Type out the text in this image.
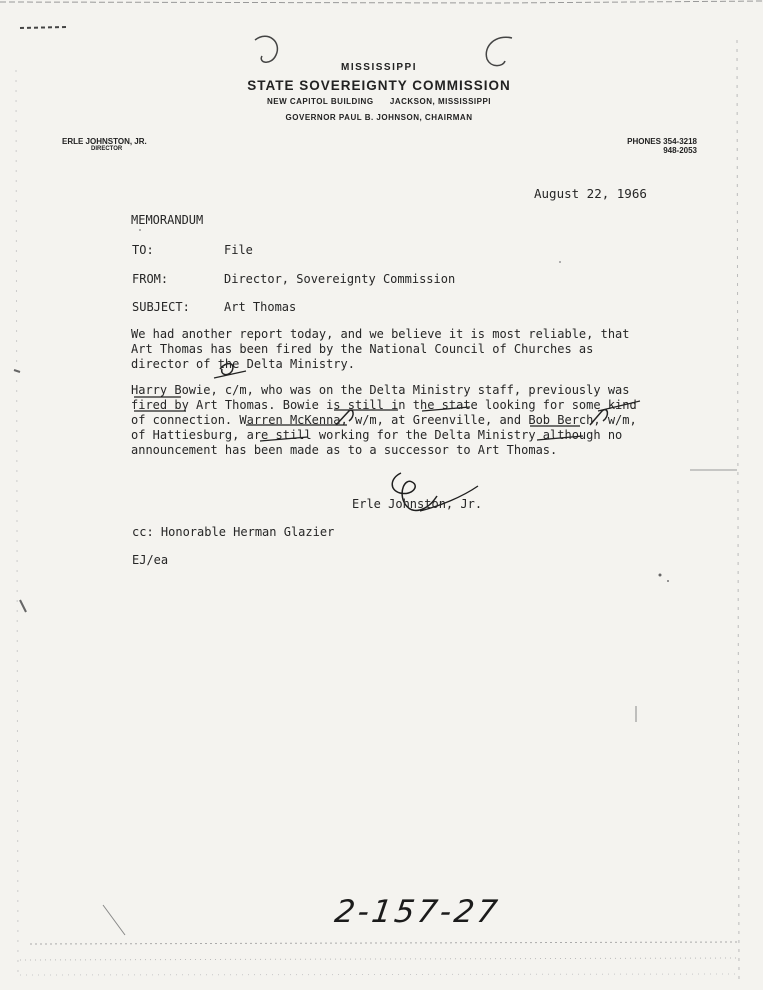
MISSISSIPPI
STATE SOVEREIGNTY COMMISSION
NEW CAPITOL BUILDING JACKSON, MISSISSIPPI
GOVERNOR PAUL B. JOHNSON, CHAIRMAN
ERLE JOHNSTON, JR.
DIRECTOR
PHONES 354-3218
948-2053
August 22, 1966
MEMORANDUM
TO:	File
FROM:	Director, Sovereignty Commission
SUBJECT:	Art Thomas
We had another report today, and we believe it is most reliable, that
Art Thomas has been fired by the National Council of Churches as
director of the Delta Ministry.
Harry Bowie, c/m, who was on the Delta Ministry staff, previously was
fired by Art Thomas. Bowie is still in the state looking for some kind
of connection. Warren McKenna, w/m, at Greenville, and Bob Berch, w/m,
of Hattiesburg, are still working for the Delta Ministry although no
announcement has been made as to a successor to Art Thomas.
Erle Johnston, Jr.
cc: Honorable Herman Glazier
EJ/ea
2-157-27
